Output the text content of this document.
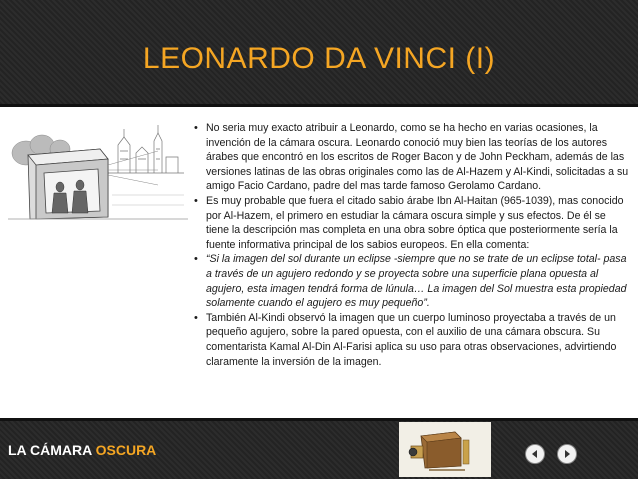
LEONARDO DA VINCI (I)
• No seria muy exacto atribuir a Leonardo, como se ha hecho en varias ocasiones, la invención de la cámara oscura. Leonardo conoció muy bien las teorías de los autores árabes que encontró en los escritos de Roger Bacon y de John Peckham, además de las versiones latinas de las obras originales como las de Al-Hazem y Al-Kindi, solicitadas a su amigo Facio Cardano, padre del mas tarde famoso Gerolamo Cardano.
• Es muy probable que fuera el citado sabio árabe Ibn Al-Haitan (965-1039), mas conocido por Al-Hazem, el primero en estudiar la cámara oscura simple y sus efectos. De él se tiene la descripción mas completa en una obra sobre óptica que posteriormente sería la fuente informativa principal de los sabios europeos. En ella comenta:
• “Si la imagen del sol durante un eclipse -siempre que no se trate de un eclipse total- pasa a través de un agujero redondo y se proyecta sobre una superficie plana opuesta al agujero, esta imagen tendrá forma de lúnula… La imagen del Sol muestra esta propiedad solamente cuando el agujero es muy pequeño”.
• También Al-Kindi observó la imagen que un cuerpo luminoso proyectaba a través de un pequeño agujero, sobre la pared opuesta, con el auxilio de una cámara obscura. Su comentarista Kamal Al-Din Al-Farisi aplica su uso para otras observaciones, advirtiendo claramente la inversión de la imagen.
LA CÁMARA OSCURA
